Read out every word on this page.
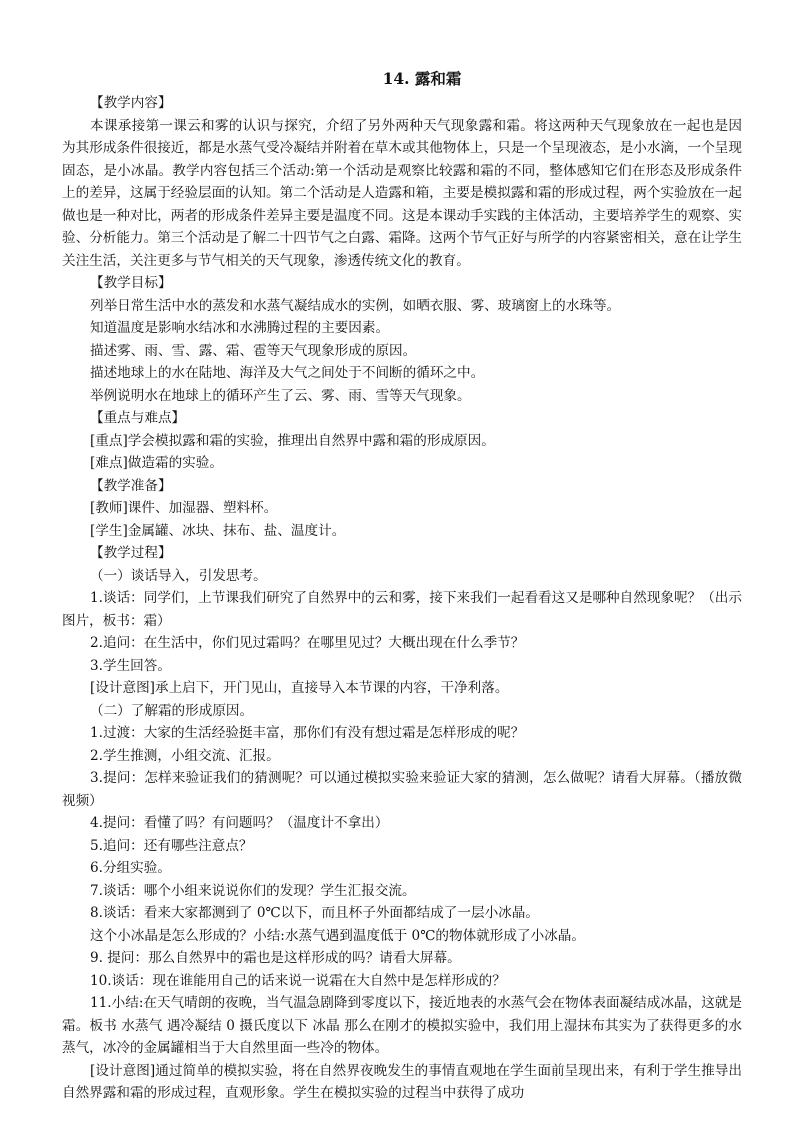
14. 露和霜

【教学内容】

本课承接第一课云和雾的认识与探究，介绍了另外两种天气现象露和霜。将这两种天气现象放在一起也是因为其形成条件很接近，都是水蒸气受冷凝结并附着在草木或其他物体上，只是一个呈现液态，是小水滴，一个呈现固态，是小冰晶。教学内容包括三个活动:第一个活动是观察比较露和霜的不同，整体感知它们在形态及形成条件上的差异，这属于经验层面的认知。第二个活动是人造露和箱，主要是模拟露和霜的形成过程，两个实验放在一起做也是一种对比，两者的形成条件差异主要是温度不同。这是本课动手实践的主体活动，主要培养学生的观察、实验、分析能力。第三个活动是了解二十四节气之白露、霜降。这两个节气正好与所学的内容紧密相关，意在让学生关注生活，关注更多与节气相关的天气现象，渗透传统文化的教育。

【教学目标】

列举日常生活中水的蒸发和水蒸气凝结成水的实例，如晒衣服、雾、玻璃窗上的水珠等。

知道温度是影响水结冰和水沸腾过程的主要因素。

描述雾、雨、雪、露、霜、雹等天气现象形成的原因。

描述地球上的水在陆地、海洋及大气之间处于不间断的循环之中。

举例说明水在地球上的循环产生了云、雾、雨、雪等天气现象。

【重点与难点】

[重点]学会模拟露和霜的实验，推理出自然界中露和霜的形成原因。

[难点]做造霜的实验。

【教学准备】

[教师]课件、加湿器、塑料杯。

[学生]金属罐、冰块、抹布、盐、温度计。

【教学过程】

（一）谈话导入，引发思考。

1.谈话：同学们，上节课我们研究了自然界中的云和雾，接下来我们一起看看这又是哪种自然现象呢？（出示图片，板书：霜）

2.追问：在生活中，你们见过霜吗？在哪里见过？大概出现在什么季节？

3.学生回答。

[设计意图]承上启下，开门见山，直接导入本节课的内容，干净利落。

（二）了解霜的形成原因。

1.过渡：大家的生活经验挺丰富，那你们有没有想过霜是怎样形成的呢？

2.学生推测，小组交流、汇报。

3.提问：怎样来验证我们的猜测呢？可以通过模拟实验来验证大家的猜测，怎么做呢？请看大屏幕。（播放微视频）

4.提问：看懂了吗？有问题吗？（温度计不拿出）

5.追问：还有哪些注意点？

6.分组实验。

7.谈话：哪个小组来说说你们的发现？学生汇报交流。

8.谈话：看来大家都测到了 0℃以下，而且杯子外面都结成了一层小冰晶。

这个小冰晶是怎么形成的？小结:水蒸气遇到温度低于 0℃的物体就形成了小冰晶。

9. 提问：那么自然界中的霜也是这样形成的吗？请看大屏幕。

10.谈话：现在谁能用自己的话来说一说霜在大自然中是怎样形成的？

11.小结:在天气晴朗的夜晚，当气温急剧降到零度以下，接近地表的水蒸气会在物体表面凝结成冰晶，这就是霜。板书 水蒸气 遇冷凝结 0 摄氏度以下 冰晶 那么在刚才的模拟实验中，我们用上湿抹布其实为了获得更多的水蒸气，冰冷的金属罐相当于大自然里面一些冷的物体。

[设计意图]通过简单的模拟实验，将在自然界夜晚发生的事情直观地在学生面前呈现出来，有利于学生推导出自然界露和霜的形成过程，直观形象。学生在模拟实验的过程当中获得了成功
